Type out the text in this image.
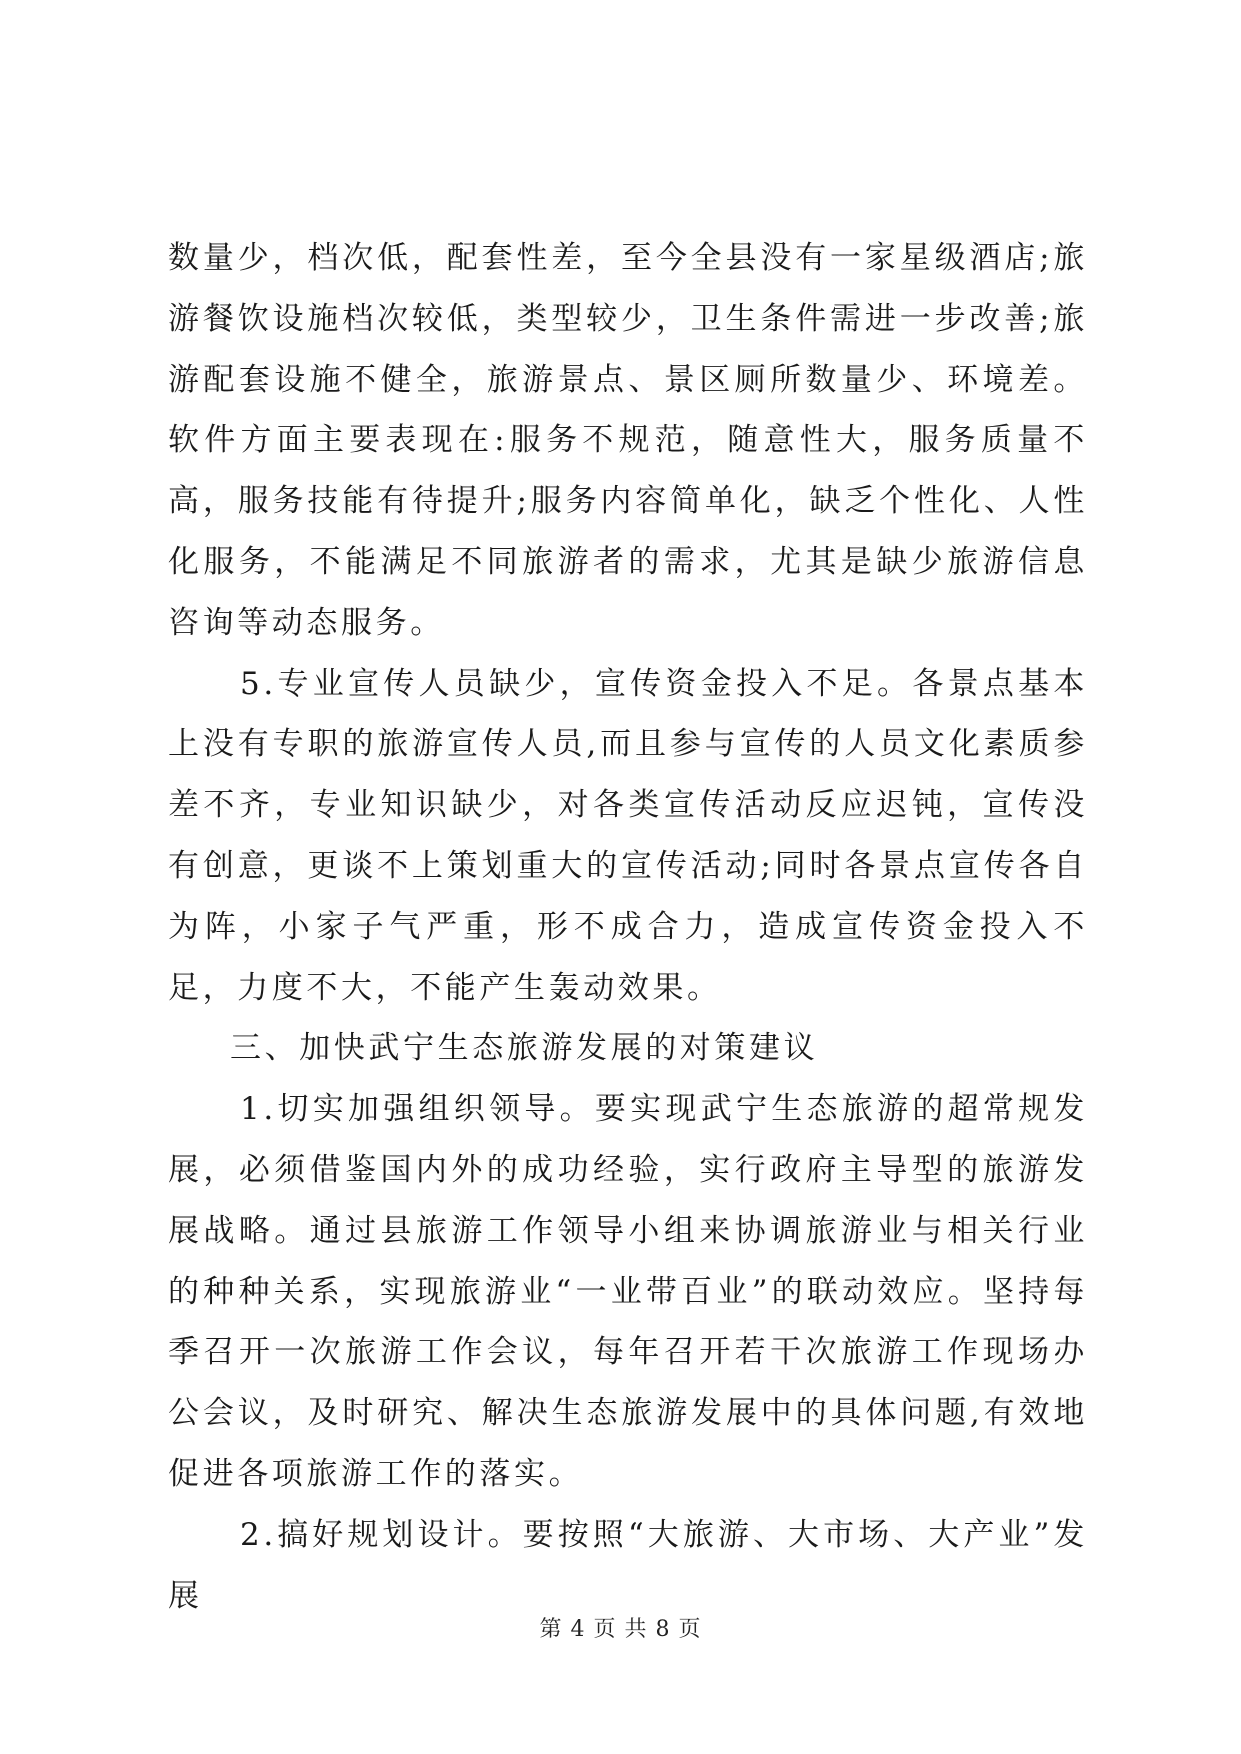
数量少，档次低，配套性差，至今全县没有一家星级酒店;旅游餐饮设施档次较低，类型较少，卫生条件需进一步改善;旅游配套设施不健全，旅游景点、景区厕所数量少、环境差。软件方面主要表现在:服务不规范，随意性大，服务质量不高，服务技能有待提升;服务内容简单化，缺乏个性化、人性化服务，不能满足不同旅游者的需求，尤其是缺少旅游信息咨询等动态服务。

5.专业宣传人员缺少，宣传资金投入不足。各景点基本上没有专职的旅游宣传人员,而且参与宣传的人员文化素质参差不齐，专业知识缺少，对各类宣传活动反应迟钝，宣传没有创意，更谈不上策划重大的宣传活动;同时各景点宣传各自为阵，小家子气严重，形不成合力，造成宣传资金投入不足，力度不大，不能产生轰动效果。

三、加快武宁生态旅游发展的对策建议

1.切实加强组织领导。要实现武宁生态旅游的超常规发展，必须借鉴国内外的成功经验，实行政府主导型的旅游发展战略。通过县旅游工作领导小组来协调旅游业与相关行业的种种关系，实现旅游业“一业带百业”的联动效应。坚持每季召开一次旅游工作会议，每年召开若干次旅游工作现场办公会议，及时研究、解决生态旅游发展中的具体问题,有效地促进各项旅游工作的落实。

2.搞好规划设计。要按照“大旅游、大市场、大产业”发展

第 4 页 共 8 页
